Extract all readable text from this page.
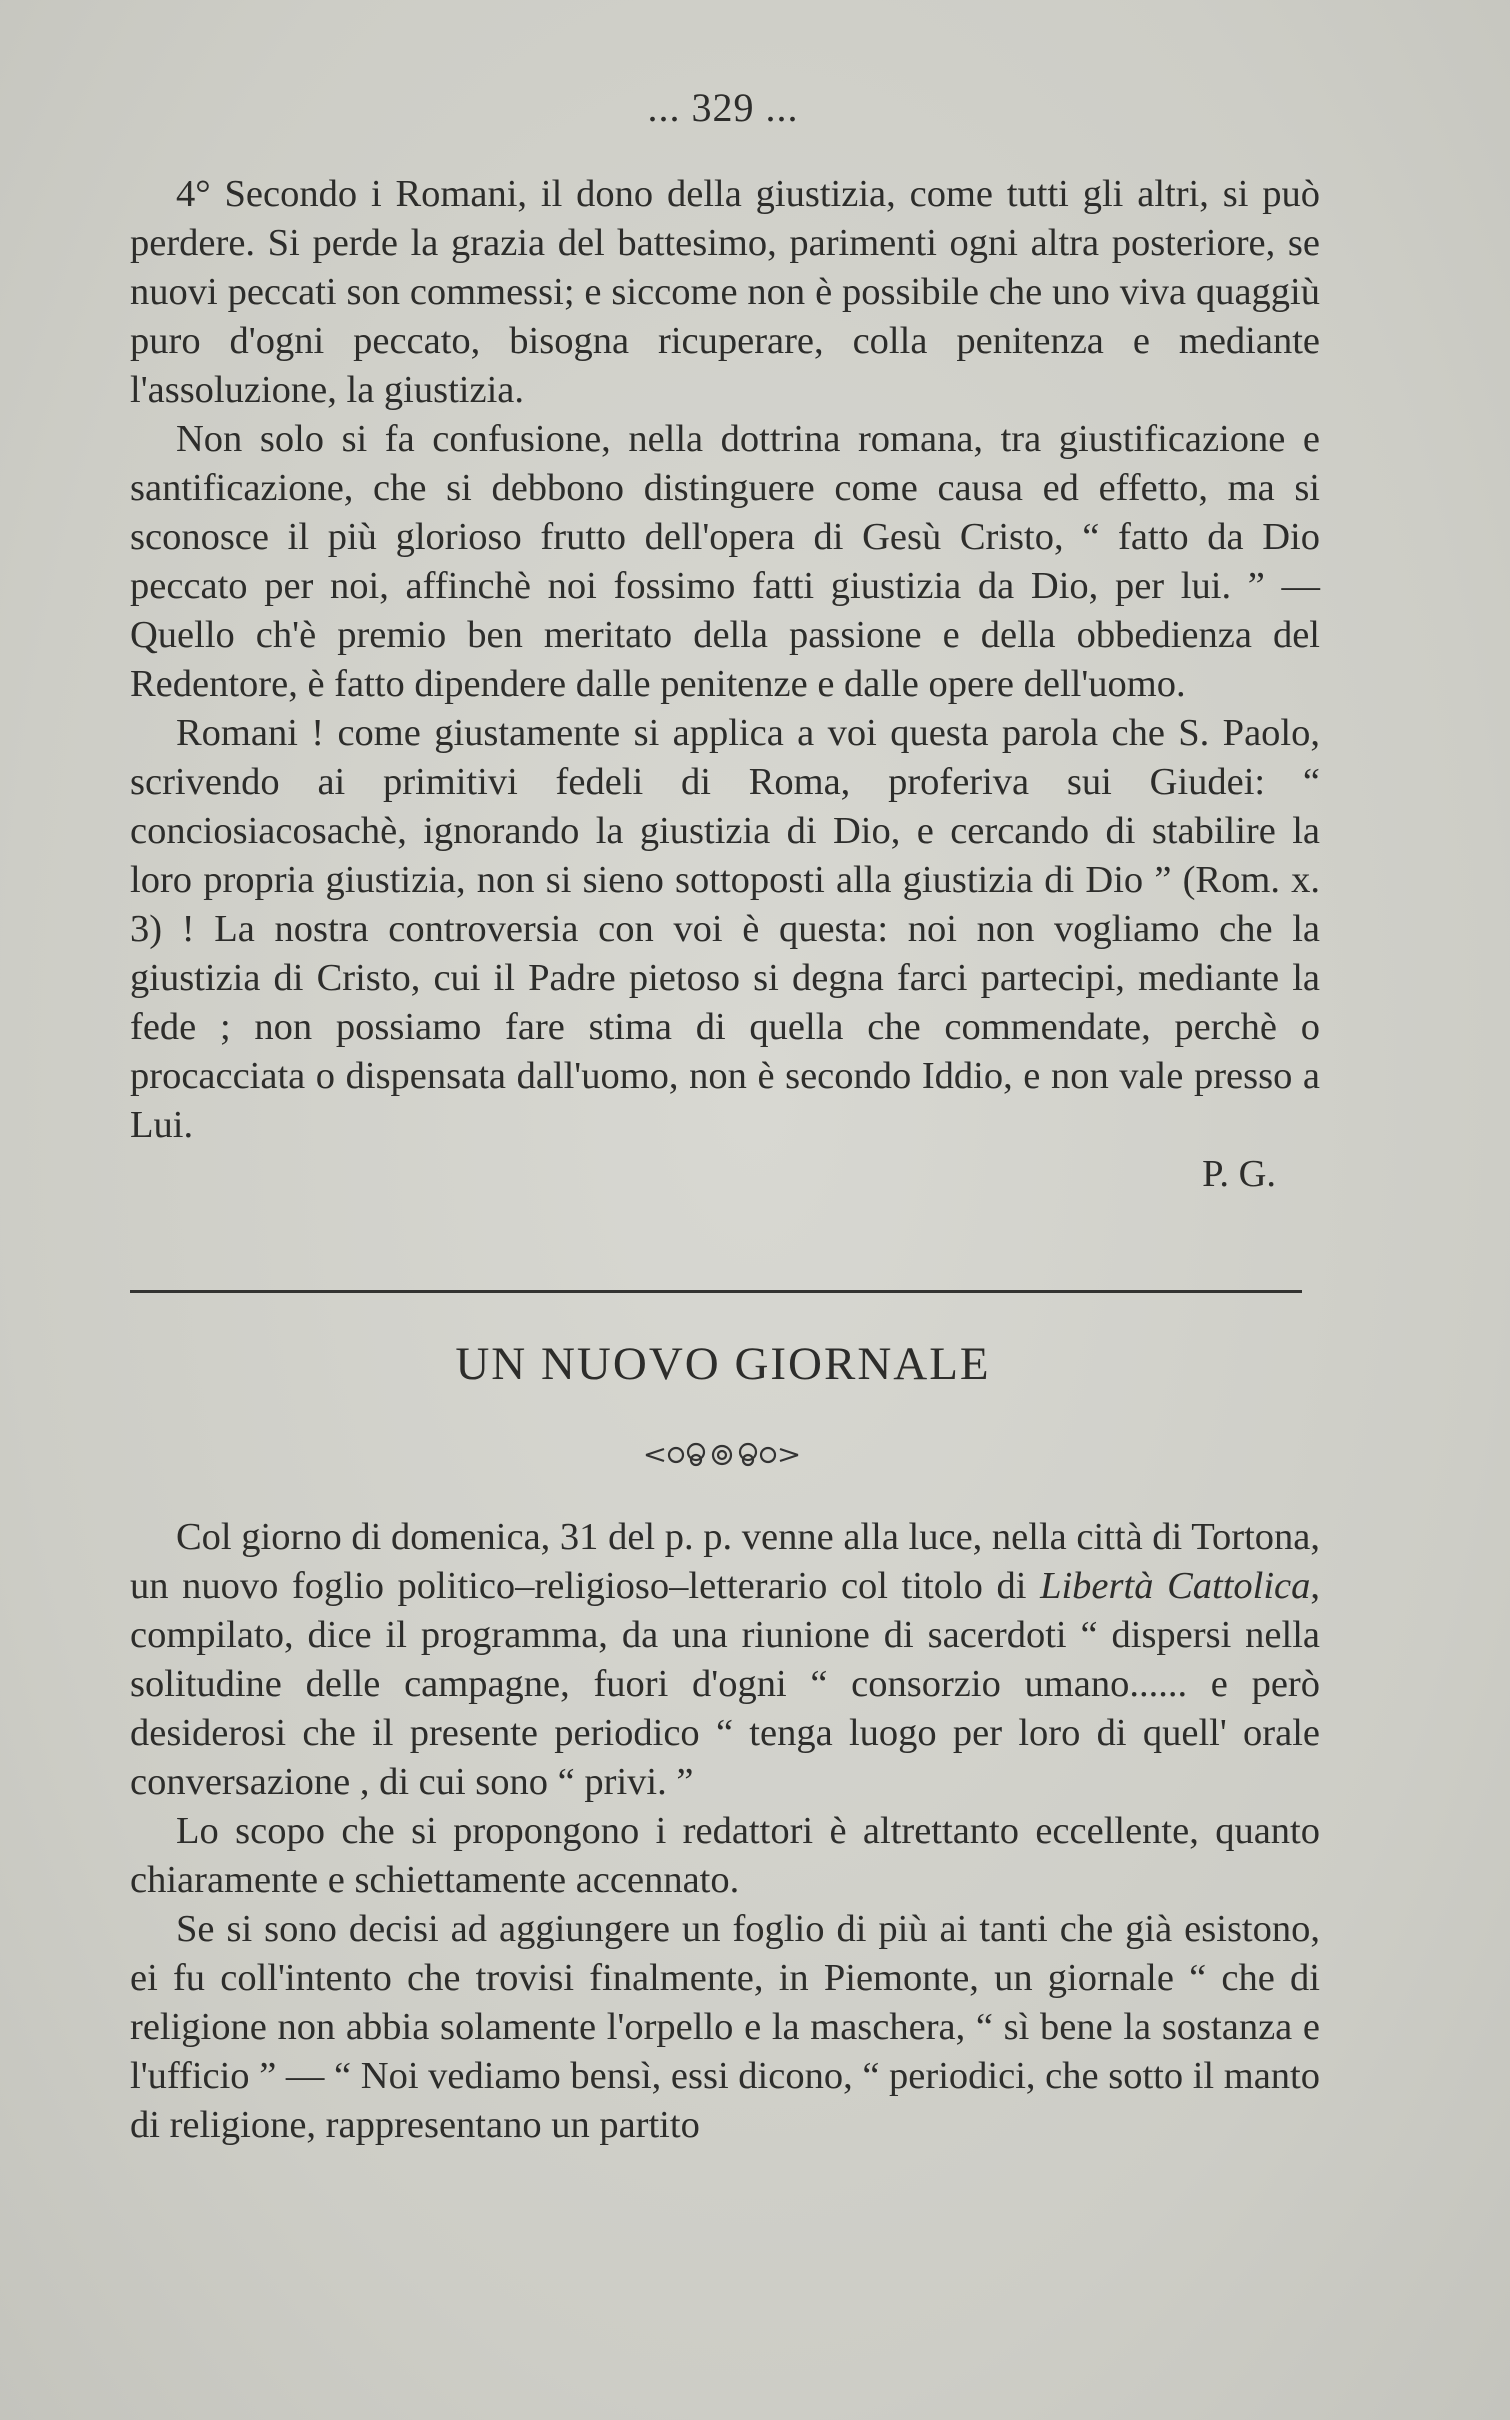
... 329 ...

4° Secondo i Romani, il dono della giustizia, come tutti gli altri, si può perdere. Si perde la grazia del battesimo, parimenti ogni altra posteriore, se nuovi peccati son commessi; e siccome non è possibile che uno viva quaggiù puro d'ogni peccato, bisogna ricuperare, colla penitenza e mediante l'assoluzione, la giustizia.

Non solo si fa confusione, nella dottrina romana, tra giustificazione e santificazione, che si debbono distinguere come causa ed effetto, ma si sconosce il più glorioso frutto dell'opera di Gesù Cristo, “ fatto da Dio peccato per noi, affinchè noi fossimo fatti giustizia da Dio, per lui. ” — Quello ch'è premio ben meritato della passione e della obbedienza del Redentore, è fatto dipendere dalle penitenze e dalle opere dell'uomo.

Romani ! come giustamente si applica a voi questa parola che S. Paolo, scrivendo ai primitivi fedeli di Roma, proferiva sui Giudei: “ conciosiacosachè, ignorando la giustizia di Dio, e cercando di stabilire la loro propria giustizia, non si sieno sottoposti alla giustizia di Dio ” (Rom. x. 3) ! La nostra controversia con voi è questa: noi non vogliamo che la giustizia di Cristo, cui il Padre pietoso si degna farci partecipi, mediante la fede ; non possiamo fare stima di quella che commendate, perchè o procacciata o dispensata dall'uomo, non è secondo Iddio, e non vale presso a Lui.

P. G.

UN NUOVO GIORNALE

Col giorno di domenica, 31 del p. p. venne alla luce, nella città di Tortona, un nuovo foglio politico–religioso–letterario col titolo di Libertà Cattolica, compilato, dice il programma, da una riunione di sacerdoti “ dispersi nella solitudine delle campagne, fuori d'ogni “ consorzio umano...... e però desiderosi che il presente periodico “ tenga luogo per loro di quell' orale conversazione , di cui sono “ privi. ”

Lo scopo che si propongono i redattori è altrettanto eccellente, quanto chiaramente e schiettamente accennato.

Se si sono decisi ad aggiungere un foglio di più ai tanti che già esistono, ei fu coll'intento che trovisi finalmente, in Piemonte, un giornale “ che di religione non abbia solamente l'orpello e la maschera, “ sì bene la sostanza e l'ufficio ” — “ Noi vediamo bensì, essi dicono, “ periodici, che sotto il manto di religione, rappresentano un partito
